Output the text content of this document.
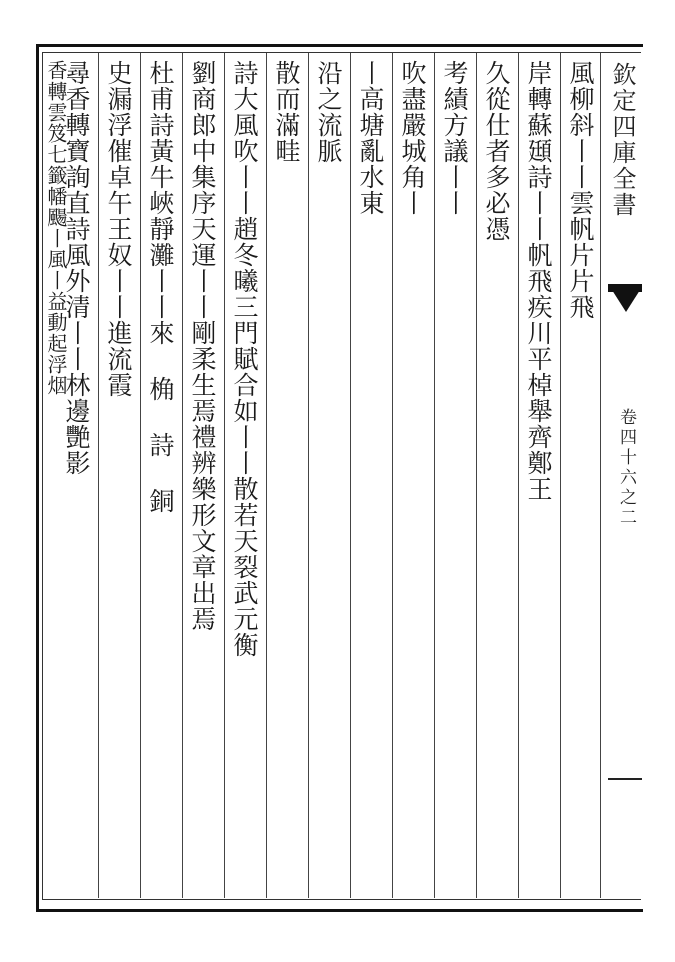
欽定四庫全書
卷四十六之二
風柳斜丨丨雲帆片片飛
岸轉蘇頲詩丨丨帆飛疾川平棹舉齊鄭王
久從仕者多必憑
考績方議丨丨
吹盡嚴城角丨
丨高塘亂水東
沿之流脈
散而滿畦
詩大風吹丨丨趙冬曦三門賦合如丨丨散若天裂武元衡
劉商郎中集序天運丨丨剛柔生焉禮辨樂形文章出焉
杜甫詩黃牛峽靜灘丨丨來 桷 詩 銅
史漏浮催卓午王奴丨丨進流霞
尋香轉寶詢直詩風外清丨丨林邊艷影
香轉雲笈七籤幡颺丨風丨益動起浮烟
